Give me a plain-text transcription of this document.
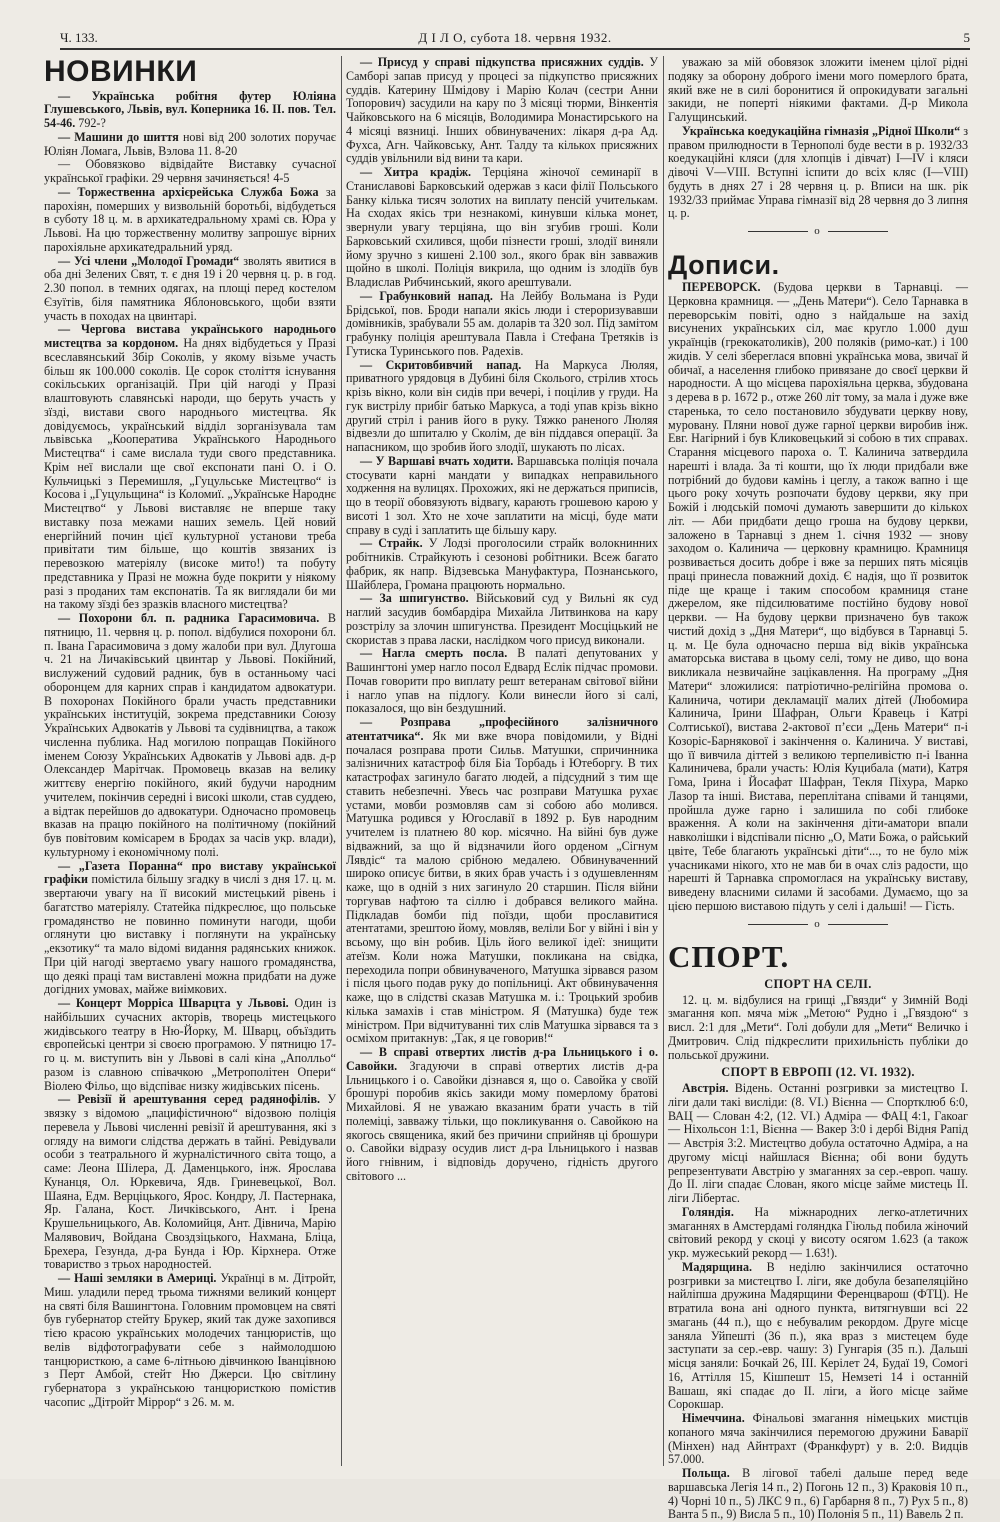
Ч. 133.	Д І Л О, субота 18. червня 1932.	5
НОВИНКИ

— Українська робітня футер Юліяна Глушевського, Львів, вул. Коперника 16. II. пов. Тел. 54-46. 792-?

— Машини до шиття нові від 200 золотих поручає Юліян Ломага, Львів, Вэлова 11. 8-20

— Обовязково відвідайте Виставку сучасної української графіки. 29 червня зачиняється! 4-5

— Торжественна архієрейська Служба Божа за парохіян, померших у визвольній боротьбі, відбудеться в суботу 18 ц. м. в архикатедральному храмі св. Юра у Львові. На цю торжественну молитву запрошує вірних парохіяльне архикатедральний уряд.

— Усі члени „Молодої Громади“ зволять явитися в оба дні Зелених Свят, т. є дня 19 і 20 червня ц. р. в год. 2.30 попол. в темних одягах, на площі перед костелом Єзуїтів, біля памятника Яблоновського, щоби взяти участь в походах на цвинтарі.

— Чергова вистава українського народнього мистецтва за кордоном. На днях відбудеться у Празі всеславянський Збір Соколів, у якому візьме участь більш як 100.000 соколів. Це сорок століття існування сокільських організацій. При цій нагоді у Празі влаштовують славянські народи, що беруть участь у зїзді, вистави свого народнього мистецтва. Як довідуємось, український відділ зорганізувала там львівська „Кооператива Українського Народнього Мистецтва“ і саме вислала туди свого представника. Крім неї вислали ще свої експонати пані О. і О. Кульчицькі з Перемишля, „Гуцульське Мистецтво“ із Косова і „Гуцульщина“ із Коломиї. „Українське Народнє Мистецтво“ у Львові виставляє не вперше таку виставку поза межами наших земель. Цей новий енергійний почин цієї культурної установи треба привітати тим більше, що коштів звязаних із перевозкою матеріялу (високе мито!) та побуту представника у Празі не можна буде покрити у ніякому разі з проданих там експонатів. Та як виглядали би ми на такому зїзді без зразків власного мистецтва?

— Похорони бл. п. радника Гарасимовича. В пятницю, 11. червня ц. р. попол. відбулися похорони бл. п. Івана Гарасимовича з дому жалоби при вул. Длугоша ч. 21 на Личаківський цвинтар у Львові. Покійний, вислужений судовий радник, був в останньому часі оборонцем для карних справ і кандидатом адвокатури. В похоронах Покійного брали участь представники українських інституцій, зокрема представники Союзу Українських Адвокатів у Львові та судівництва, а також численна публика. Над могилою попращав Покійного іменем Союзу Українських Адвокатів у Львові адв. д-р Олександер Марітчак. Промовець вказав на велику життєву енергію покійного, який будучи народним учителем, покінчив середні і високі школи, став суддею, а відтак перейшов до адвокатури. Одночасно промовець вказав на працю покійного на політичному (покійний був повітовим комісарем в Бродах за часів укр. влади), культурному і економічному полі.

— „Газета Поранна“ про виставу української графіки помістила більшу згадку в числі з дня 17. ц. м. звертаючи увагу на її високий мистецький рівень і багатство матеріялу. Статейка підкреслює, що польське громадянство не повинно поминути нагоди, щоби оглянути цю виставку і поглянути на українську „екзотику“ та мало відомі видання радянських книжок. При цій нагоді звертаємо увагу нашого громадянства, що деякі праці там виставлені можна придбати на дуже догідних умовах, майже виімкових.

— Концерт Морріса Шварцта у Львові. Один із найбільших сучасних акторів, творець мистецького жидівського театру в Ню-Йорку, М. Шварц, объїздить європейські центри зі своєю програмою. У пятницю 17-го ц. м. виступить він у Львові в салі кіна „Аполльо“ разом із славною співачкою „Метрополітен Опери“ Віолею Фільо, що відспіває низку жидівських пісень.

— Ревізії й арештування серед радянофілів. У звязку з відомою „пацифістичною“ відозвою поліція перевела у Львові численні ревізії й арештування, які з огляду на вимоги слідства держать в тайні. Ревідували особи з театрального й журналістичного світа тощо, а саме: Леона Шілера, Д. Даменцького, інж. Ярослава Кунанця, Ол. Юркевича, Ядв. Гриневецької, Вол. Шаяна, Едм. Верціцького, Ярос. Кондру, Л. Пастернака, Яр. Галана, Кост. Личківського, Ант. і Ірена Крушельницького, Ав. Коломийця, Ант. Дівнича, Марію Малявович, Войдана Своздзіцького, Нахмана, Бліца, Брехера, Гезунда, д-ра Бунда і Юр. Кірхнера. Отже товариство з трьох народностей.

— Наші земляки в Америці. Українці в м. Дітройт, Миш. уладили перед трьома тижнями великий концерт на святі біля Вашингтона. Головним промовцем на святі був губернатор стейту Брукер, який так дуже захопився тією красою українських молодечих танцюристів, що велів відфотографувати себе з наймолодшою танцюристкою, а саме 6-літньою дівчинкою Іванцівною з Перт Амбой, стейт Ню Джерси. Цю світлину губернатора з українською танцюристкою помістив часопис „Дітройт Міррор“ з 26. м. м.

— Присуд у справі підкупства присяжних суддів. У Самборі запав присуд у процесі за підкупство присяжних суддів. Катерину Шмідову і Марію Колач (сестри Анни Топорович) засудили на кару по 3 місяці тюрми, Вінкентія Чайковського на 6 місяців, Володимира Монастирського на 4 місяці вязниці. Інших обвинувачених: лікаря д-ра Ад. Фухса, Агн. Чайковську, Ант. Талду та кількох присяжних суддів увільнили від вини та кари.

— Хитра крадіж. Терціяна жіночої семинарії в Станиславові Барковський одержав з каси філії Польського Банку кілька тисяч золотих на виплату пенсій учителькам. На сходах якісь три незнакомі, кинувши кілька монет, звернули увагу терціяна, що він згубив гроші. Коли Барковський схилився, щоби пізнести гроші, злодії виняли йому зручно з кишені 2.100 зол., якого брак він завважив щойно в школі. Поліція викрила, що одним із злодіїв був Владислав Рибчинський, якого арештували.

— Грабунковий напад. На Лейбу Вольмана із Руди Брідської, пов. Броди напали якісь люди і стероризувавши домівників, зрабували 55 ам. доларів та 320 зол. Під замітом грабунку поліція арештувала Павла і Стефана Третяків із Гутиска Туринського пов. Радехів.

— Скритовбивчий напад. На Маркуса Люляя, приватного урядовця в Дубині біля Сколього, стрілив хтось крізь вікно, коли він сидів при вечері, і поцілив у груди. На гук вистрілу прибіг батько Маркуса, а тоді упав крізь вікно другий стріл і ранив його в руку. Тяжко раненого Люляя відвезли до шпиталю у Сколім, де він піддався операції. За напасником, що зробив його злодії, шукають по лісах.

— У Варшаві вчать ходити. Варшавська поліція почала стосувати карні мандати у випадках неправильного ходження на вулицях. Прохожих, які не держаться приписів, що в теорії обовязують відвагу, карають грошевою карою у висоті 1 зол. Хто не хоче заплатити на місці, буде мати справу в суді і заплатить ще більшу кару.

— Страйк. У Лодзі проголосили страйк волокнинних робітників. Страйкують і сезонові робітники. Всеж багато фабрик, як напр. Відзевська Мануфактура, Познанського, Шайблера, Громана працюють нормально.

— За шпигунство. Військовий суд у Вильні як суд наглий засудив бомбардіра Михайла Литвинкова на кару розстрілу за злочин шпигунства. Президент Мосціцький не скористав з права ласки, наслідком чого присуд виконали.

— Нагла смерть посла. В палаті депутованих у Вашингтоні умер нагло посол Едвард Еслік підчас промови. Почав говорити про виплату решт ветеранам світової війни і нагло упав на підлогу. Коли винесли його зі салі, показалося, що він бездушний.

— Розправа „професійного залізничного атентатчика“. Як ми вже вчора повідомили, у Відні почалася розправа проти Сильв. Матушки, спричинника залізничних катастроф біля Біа Торбадь і Ютеборгу. В тих катастрофах загинуло багато людей, а підсудний з тим ще ставить небезпечні. Увесь час розправи Матушка рухає устами, мовби розмовляв сам зі собою або молився. Матушка родився у Югославії в 1892 р. Був народним учителем із платнею 80 кор. місячно. На війні був дуже відважний, за що й відзначили його орденом „Сігнум Лявдіс“ та малою срібною медалею. Обвинуваченний широко описує битви, в яких брав участь і з одушевленням каже, що в одній з них загинуло 20 старшин. Після війни торгував нафтою та сіллю і добрався великого майна. Підкладав бомби під поїзди, щоби прославитися атентатами, зрештою йому, мовляв, веліли Бог у війні і він у всьому, що він робив. Ціль його великої ідеї: знищити атеїзм. Коли ножа Матушки, покликана на свідка, переходила попри обвинуваченого, Матушка зірвався разом і після цього подав руку до попільниці. Акт обвинувачення каже, що в слідстві сказав Матушка м. і.: Троцький зробив кілька замахів і став міністром. Я (Матушка) буде теж міністром. При відчитуванні тих слів Матушка зірвався та з осміхом притакнув: „Так, я це говорив!“

— В справі отвертих листів д-ра Ільницького і о. Савойки. Згадуючи в справі отвертих листів д-ра Ільницького і о. Савойки дізнався я, що о. Савойка у своїй брошурі поробив якісь закиди мому померлому братові Михайлові. Я не уважаю вказаним брати участь в тій полеміці, завважу тільки, що покликування о. Савойкою на якогось священика, який без причини сприйняв ці брошури о. Савойки відразу осудив лист д-ра Ільницького і назвав його гнівним, і відповідь доручено, гідність другого світового ...

уважаю за мій обовязок зложити іменем цілої рідні подяку за оборону доброго імени мого померлого брата, який вже не в силі боронитися й опрокидувати загальні закиди, не поперті ніякими фактами. Д-р Микола Галущинський.

Українська коедукаційна гімназія „Рідної Школи“ з правом прилюдности в Тернополі буде вести в р. 1932/33 коедукаційні кляси (для хлопців і дівчат) I—IV і кляси дівочі V—VIII. Вступні іспити до всіх кляс (I—VIII) будуть в днях 27 і 28 червня ц. р. Вписи на шк. рік 1932/33 приймає Управа гімназії від 28 червня до 3 липня ц. р.

o
Дописи.

ПЕРЕВОРСК. (Будова церкви в Тарнавці. — Церковна крамниця. — „День Матери“). Село Тарнавка в переворськім повіті, одно з найдальше на захід висунених українських сіл, має кругло 1.000 душ українців (грекокатоликів), 200 поляків (римо-кат.) і 100 жидів. У селі збереглася вповні українська мова, звичаї й обичаї, а населення глибоко привязане до своєї церкви й народности. А що місцева парохіяльна церква, збудована з дерева в р. 1672 р., отже 260 літ тому, за мала і дуже вже старенька, то село постановило збудувати церкву нову, муровану. Пляни нової дуже гарної церкви виробив інж. Евг. Нагірний і був Кликовецький зі собою в тих справах. Старання місцевого пароха о. Т. Калинича затвердила нарешті і влада. За ті кошти, що їх люди придбали вже потрібний до будови камінь і цеглу, а також вапно і ще цього року хочуть розпочати будову церкви, яку при Божій і людській помочі думають завершити до кількох літ. — Аби придбати дещо гроша на будову церкви, заложено в Тарнавці з днем 1. січня 1932 — знову заходом о. Калинича — церковну крамницю. Крамниця розвивається досить добре і вже за перших пять місяців праці принесла поважний дохід. Є надія, що її розвиток піде ще краще і таким способом крамниця стане джерелом, яке підсилюватиме постійно будову нової церкви. — На будову церкви призначено був також чистий дохід з „Дня Матери“, що відбувся в Тарнавці 5. ц. м. Це була одночасно перша від віків українська аматорська вистава в цьому селі, тому не диво, що вона викликала незвичайне зацікавлення. На програму „Дня Матери“ зложилися: патріотично-релігійна промова о. Калинича, чотири декламації малих дітей (Любомира Калинича, Ірини Шафран, Ольги Кравець і Катрі Солтиської), вистава 2-актової п’єси „День Матери“ п-і Козоріс-Барнякової і закінчення о. Калинича. У виставі, що її вивчила діттей з великою терпеливістю п-і Іванна Калиничева, брали участь: Юлія Куцибала (мати), Катря Гома, Ірина і Йосафат Шафран, Текля Піхура, Марко Лазор та інші. Вистава, переплітана співами й танцями, пройшла дуже гарно і залишила по собі глибоке враження. А коли на закінчення діти-аматори впали навколішки і відспівали пісню „О, Мати Божа, о райський цвіте, Тебе благають українські діти“..., то не було між учасниками нікого, хто не мав би в очах сліз радости, що нарешті й Тарнавка спромоглася на українську виставу, виведену власними силами й засобами. Думаємо, що за цією першою виставою підуть у селі і дальші! — Гість.

o
СПОРТ.
СПОРТ НА СЕЛІ.

12. ц. м. відбулися на грищі „Гвязди“ у Зимній Воді змагання коп. мяча між „Метою“ Рудно і „Гвяздою“ з висл. 2:1 для „Мети“. Голі добули для „Мети“ Величко і Дмитрович. Слід підкреслити прихильність публіки до польської дружини.

СПОРТ В ЕВРОПІ (12. VI. 1932).

Австрія. Відень. Останні розгривки за мистецтво І. ліги дали такі висліди: (8. VI.) Вієнна — Спортклюб 6:0, ВАЦ — Слован 4:2, (12. VI.) Адміра — ФАЦ 4:1, Гакоаг — Ніхольсон 1:1, Вієнна — Вакер 3:0 і дербі Відня Рапід — Австрія 3:2. Мистецтво добула остаточно Адміра, а на другому місці найшлася Вієнна; обі вони будуть репрезентувати Австрію у змаганнях за сер.-европ. чашу. До II. ліги спадає Слован, якого місце займе мистець II. ліги Лібертас.

Голяндія. На міжнародних легко-атлетичних змаганнях в Амстердамі голяндка Гіюльд побила жіночий світовий рекорд у скоці у висоту осягом 1.623 (а також укр. мужеський рекорд — 1.63!).

Мадярщина. В неділю закінчилися остаточно розгривки за мистецтво І. ліги, яке добула безапеляційно найліпша дружина Мадярщини Ференцварош (ФТЦ). Не втратила вона ані одного пункта, витягнувши всі 22 змагань (44 п.), що є небувалим рекордом. Друге місце заняла Уйпешті (36 п.), яка враз з мистецем буде заступати за сер.-евр. чашу: 3) Гунгарія (35 п.). Дальші місця заняли: Бочкай 26, III. Керілет 24, Будаї 19, Сомогі 16, Аттілля 15, Кішпешт 15, Немзеті 14 і останній Вашаш, які спадає до II. ліги, а його місце займе Сорокшар.

Німеччина. Фінальові змагання німецьких мистців копаного мяча закінчилися перемогою дружини Баварії (Мінхен) над Айнтрахт (Франкфурт) у в. 2:0. Видців 57.000.

Польща. В лігової табелі дальше перед веде варшавська Легія 14 п., 2) Погонь 12 п., 3) Краковія 10 п., 4) Чорні 10 п., 5) ЛКС 9 п., 6) Гарбарня 8 п., 7) Рух 5 п., 8) Ванта 5 п., 9) Висла 5 п., 10) Полонія 5 п., 11) Вавель 2 п.
